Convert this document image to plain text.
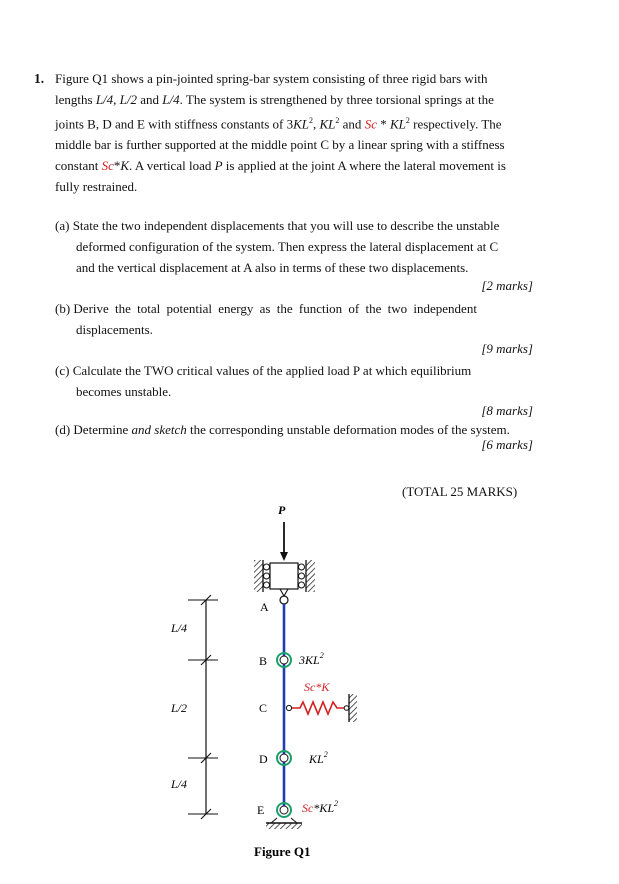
1. Figure Q1 shows a pin-jointed spring-bar system consisting of three rigid bars with
lengths L/4, L/2 and L/4. The system is strengthened by three torsional springs at the
joints B, D and E with stiffness constants of $3KL^2$, $KL^2$ and Sc * $KL^2$ respectively. The
middle bar is further supported at the middle point C by a linear spring with a stiffness
constant Sc*K. A vertical load P is applied at the joint A where the lateral movement is
fully restrained.
(a) State the two independent displacements that you will use to describe the unstable
deformed configuration of the system. Then express the lateral displacement at C
and the vertical displacement at A also in terms of these two displacements.
[2 marks]
(b) Derive the total potential energy as the function of the two independent
displacements.
[9 marks]
(c) Calculate the TWO critical values of the applied load P at which equilibrium
becomes unstable.
[8 marks]
(d) Determine and sketch the corresponding unstable deformation modes of the system.
[6 marks]
(TOTAL 25 MARKS)
P
A
B	$3KL^2$
Sc*K
C
D	$KL^2$
E	$Sc*KL^2$
L/4
L/2
L/4
Figure Q1
